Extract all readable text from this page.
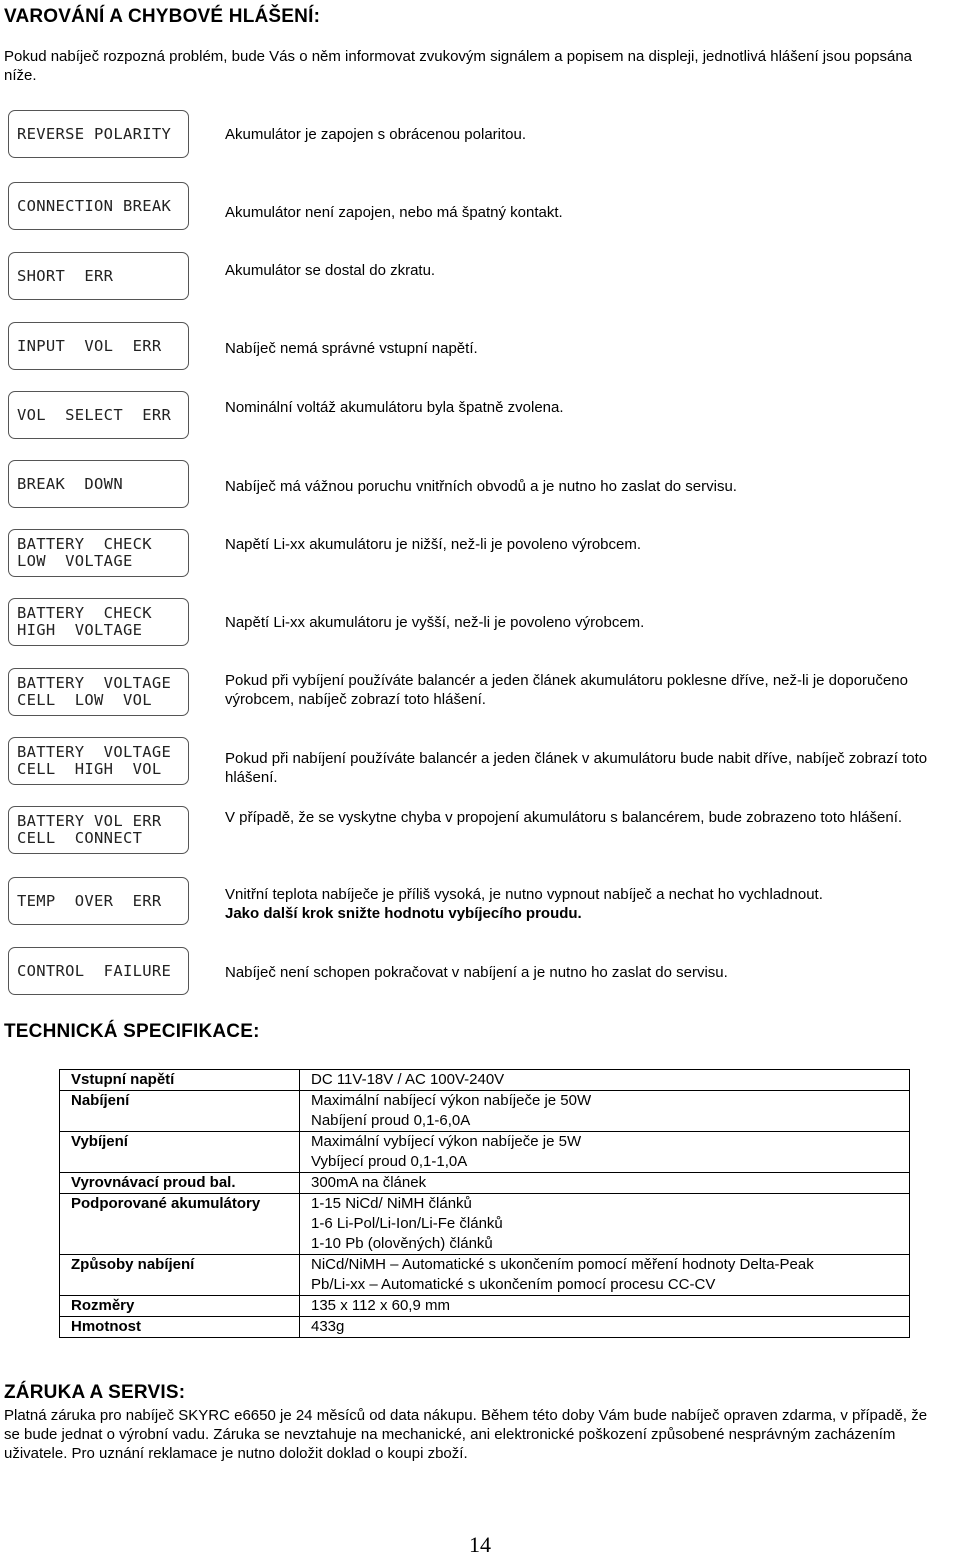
VAROVÁNÍ A CHYBOVÉ HLÁŠENÍ:
Pokud nabíječ rozpozná problém, bude Vás o něm informovat zvukovým signálem a popisem na displeji, jednotlivá hlášení jsou popsána níže.
REVERSE POLARITY	Akumulátor je zapojen s obrácenou polaritou.
CONNECTION BREAK	Akumulátor není zapojen, nebo má špatný kontakt.
SHORT  ERR	Akumulátor se dostal do zkratu.
INPUT  VOL  ERR	Nabíječ nemá správné vstupní napětí.
VOL  SELECT  ERR	Nominální voltáž akumulátoru byla špatně zvolena.
BREAK  DOWN	Nabíječ má vážnou poruchu vnitřních obvodů a je nutno ho zaslat do servisu.
BATTERY  CHECK
LOW  VOLTAGE
Napětí Li-xx akumulátoru je nižší, než-li je povoleno výrobcem.
BATTERY  CHECK
HIGH  VOLTAGE	Napětí Li-xx akumulátoru je vyšší, než-li je povoleno výrobcem.
BATTERY  VOLTAGE
CELL  LOW  VOL
Pokud při vybíjení používáte balancér a jeden článek akumulátoru poklesne dříve, než-li je doporučeno výrobcem, nabíječ zobrazí toto hlášení.
BATTERY  VOLTAGE
CELL  HIGH  VOL
Pokud při nabíjení používáte balancér a jeden článek v akumulátoru bude nabit dříve, nabíječ zobrazí toto hlášení.
BATTERY VOL ERR
CELL  CONNECT
V případě, že se vyskytne chyba v propojení akumulátoru s balancérem, bude zobrazeno toto hlášení.
TEMP  OVER  ERR	Vnitřní teplota nabíječe je příliš vysoká, je nutno vypnout nabíječ a nechat ho vychladnout.
Jako další krok snižte hodnotu vybíjecího proudu.
CONTROL  FAILURE	Nabíječ není schopen pokračovat v nabíjení a je nutno ho zaslat do servisu.
TECHNICKÁ SPECIFIKACE:
Vstupní napětí	DC 11V-18V / AC 100V-240V

Nabíjení	Maximální nabíjecí výkon nabíječe je 50W
Nabíjení proud 0,1-6,0A

Vybíjení	Maximální vybíjecí výkon nabíječe je 5W
Vybíjecí proud 0,1-1,0A

Vyrovnávací proud bal.	300mA na článek

Podporované akumulátory	1-15 NiCd/ NiMH článků
1-6 Li-Pol/Li-Ion/Li-Fe článků
1-10 Pb (olověných) článků

Způsoby nabíjení	NiCd/NiMH – Automatické s ukončením pomocí měření hodnoty Delta-Peak
Pb/Li-xx – Automatické s ukončením pomocí procesu CC-CV

Rozměry	135 x 112 x 60,9 mm

Hmotnost	433g
ZÁRUKA A SERVIS:
Platná záruka pro nabíječ SKYRC e6650 je 24 měsíců od data nákupu. Během této doby Vám bude nabíječ opraven zdarma, v případě, že se bude jednat o výrobní vadu. Záruka se nevztahuje na mechanické, ani elektronické poškození způsobené nesprávným zacházením uživatele. Pro uznání reklamace je nutno doložit doklad o koupi zboží.
14
